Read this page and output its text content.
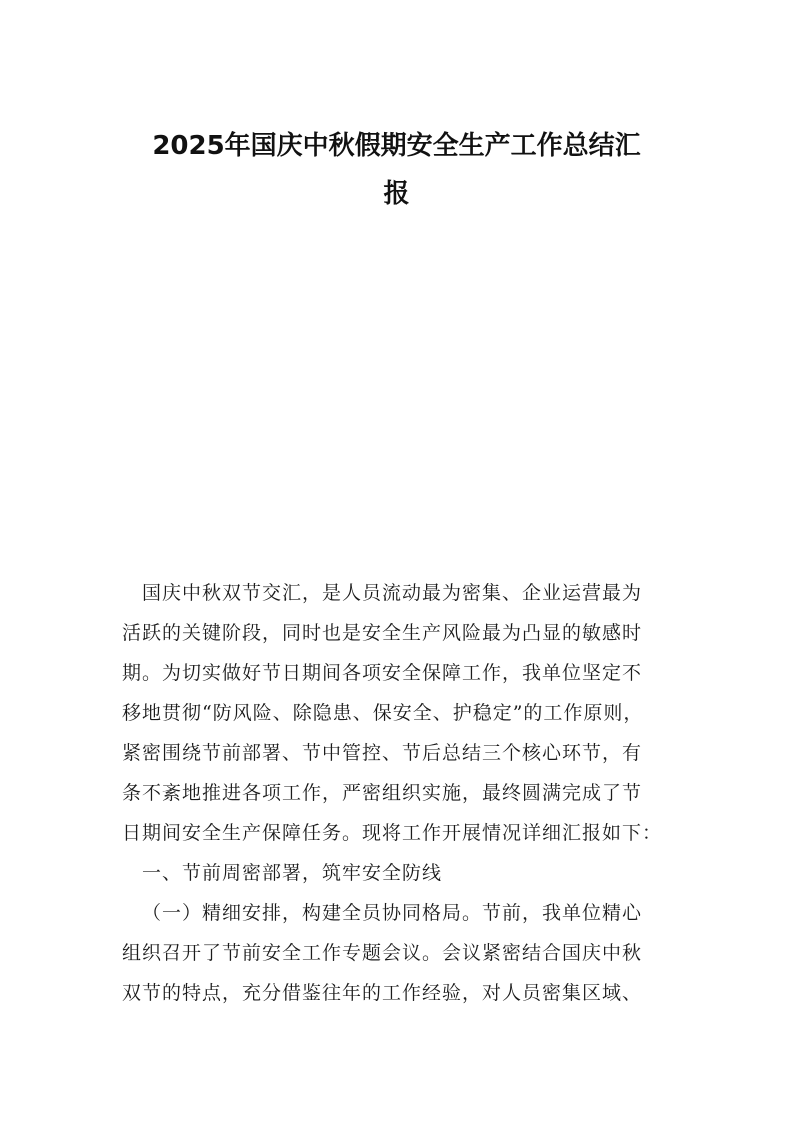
2025年国庆中秋假期安全生产工作总结汇
报
国庆中秋双节交汇，是人员流动最为密集、企业运营最为
活跃的关键阶段，同时也是安全生产风险最为凸显的敏感时
期。为切实做好节日期间各项安全保障工作，我单位坚定不
移地贯彻“防风险、除隐患、保安全、护稳定”的工作原则，
紧密围绕节前部署、节中管控、节后总结三个核心环节，有
条不紊地推进各项工作，严密组织实施，最终圆满完成了节
日期间安全生产保障任务。现将工作开展情况详细汇报如下：
一、节前周密部署，筑牢安全防线
（一）精细安排，构建全员协同格局。节前，我单位精心
组织召开了节前安全工作专题会议。会议紧密结合国庆中秋
双节的特点，充分借鉴往年的工作经验，对人员密集区域、
